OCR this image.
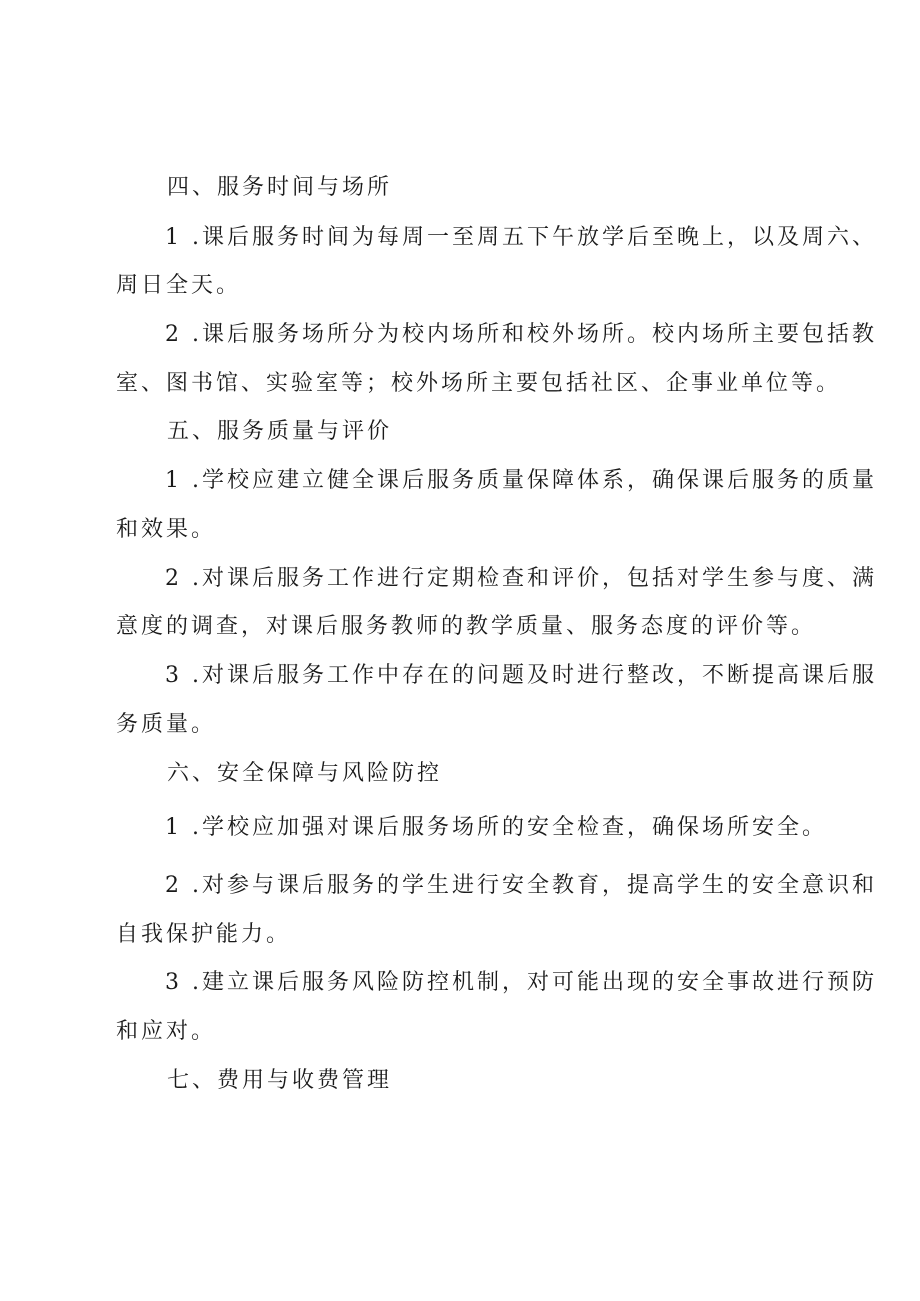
四、服务时间与场所
1 .课后服务时间为每周一至周五下午放学后至晚上，以及周六、
周日全天。
2 .课后服务场所分为校内场所和校外场所。校内场所主要包括教
室、图书馆、实验室等；校外场所主要包括社区、企事业单位等。
五、服务质量与评价
1 .学校应建立健全课后服务质量保障体系，确保课后服务的质量
和效果。
2 .对课后服务工作进行定期检查和评价，包括对学生参与度、满
意度的调查，对课后服务教师的教学质量、服务态度的评价等。
3 .对课后服务工作中存在的问题及时进行整改，不断提高课后服
务质量。
六、安全保障与风险防控
1 .学校应加强对课后服务场所的安全检查，确保场所安全。
2 .对参与课后服务的学生进行安全教育，提高学生的安全意识和
自我保护能力。
3 .建立课后服务风险防控机制，对可能出现的安全事故进行预防
和应对。
七、费用与收费管理
